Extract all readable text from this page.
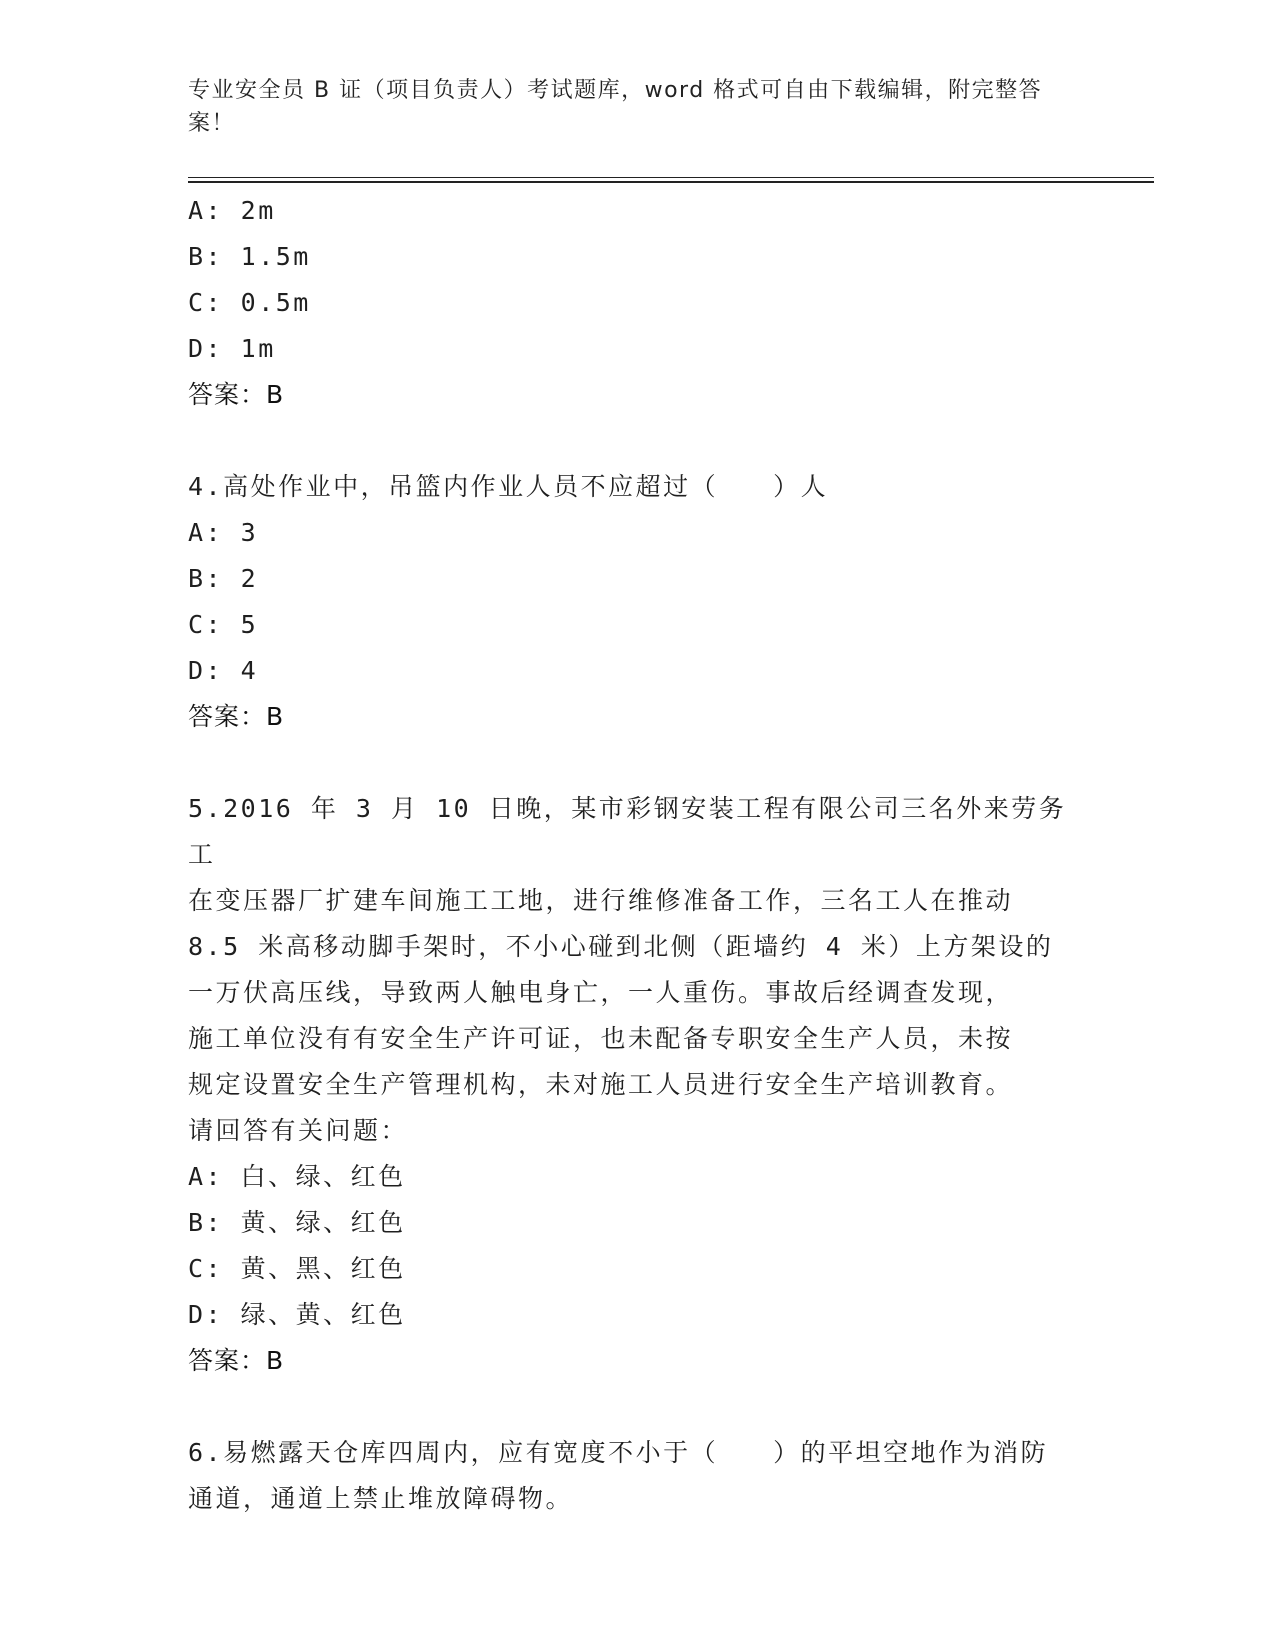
专业安全员 B 证（项目负责人）考试题库，word 格式可自由下载编辑，附完整答
案！
A: 2m
B: 1.5m
C: 0.5m
D: 1m
答案：B
4.高处作业中，吊篮内作业人员不应超过（　　）人
A: 3
B: 2
C: 5
D: 4
答案：B
5.2016 年 3 月 10 日晚，某市彩钢安装工程有限公司三名外来劳务工
在变压器厂扩建车间施工工地，进行维修准备工作，三名工人在推动
8.5 米高移动脚手架时，不小心碰到北侧（距墙约 4 米）上方架设的
一万伏高压线，导致两人触电身亡，一人重伤。事故后经调查发现，
施工单位没有有安全生产许可证，也未配备专职安全生产人员，未按
规定设置安全生产管理机构，未对施工人员进行安全生产培训教育。
请回答有关问题：
A: 白、绿、红色
B: 黄、绿、红色
C: 黄、黑、红色
D: 绿、黄、红色
答案：B
6.易燃露天仓库四周内，应有宽度不小于（　　）的平坦空地作为消防
通道，通道上禁止堆放障碍物。
